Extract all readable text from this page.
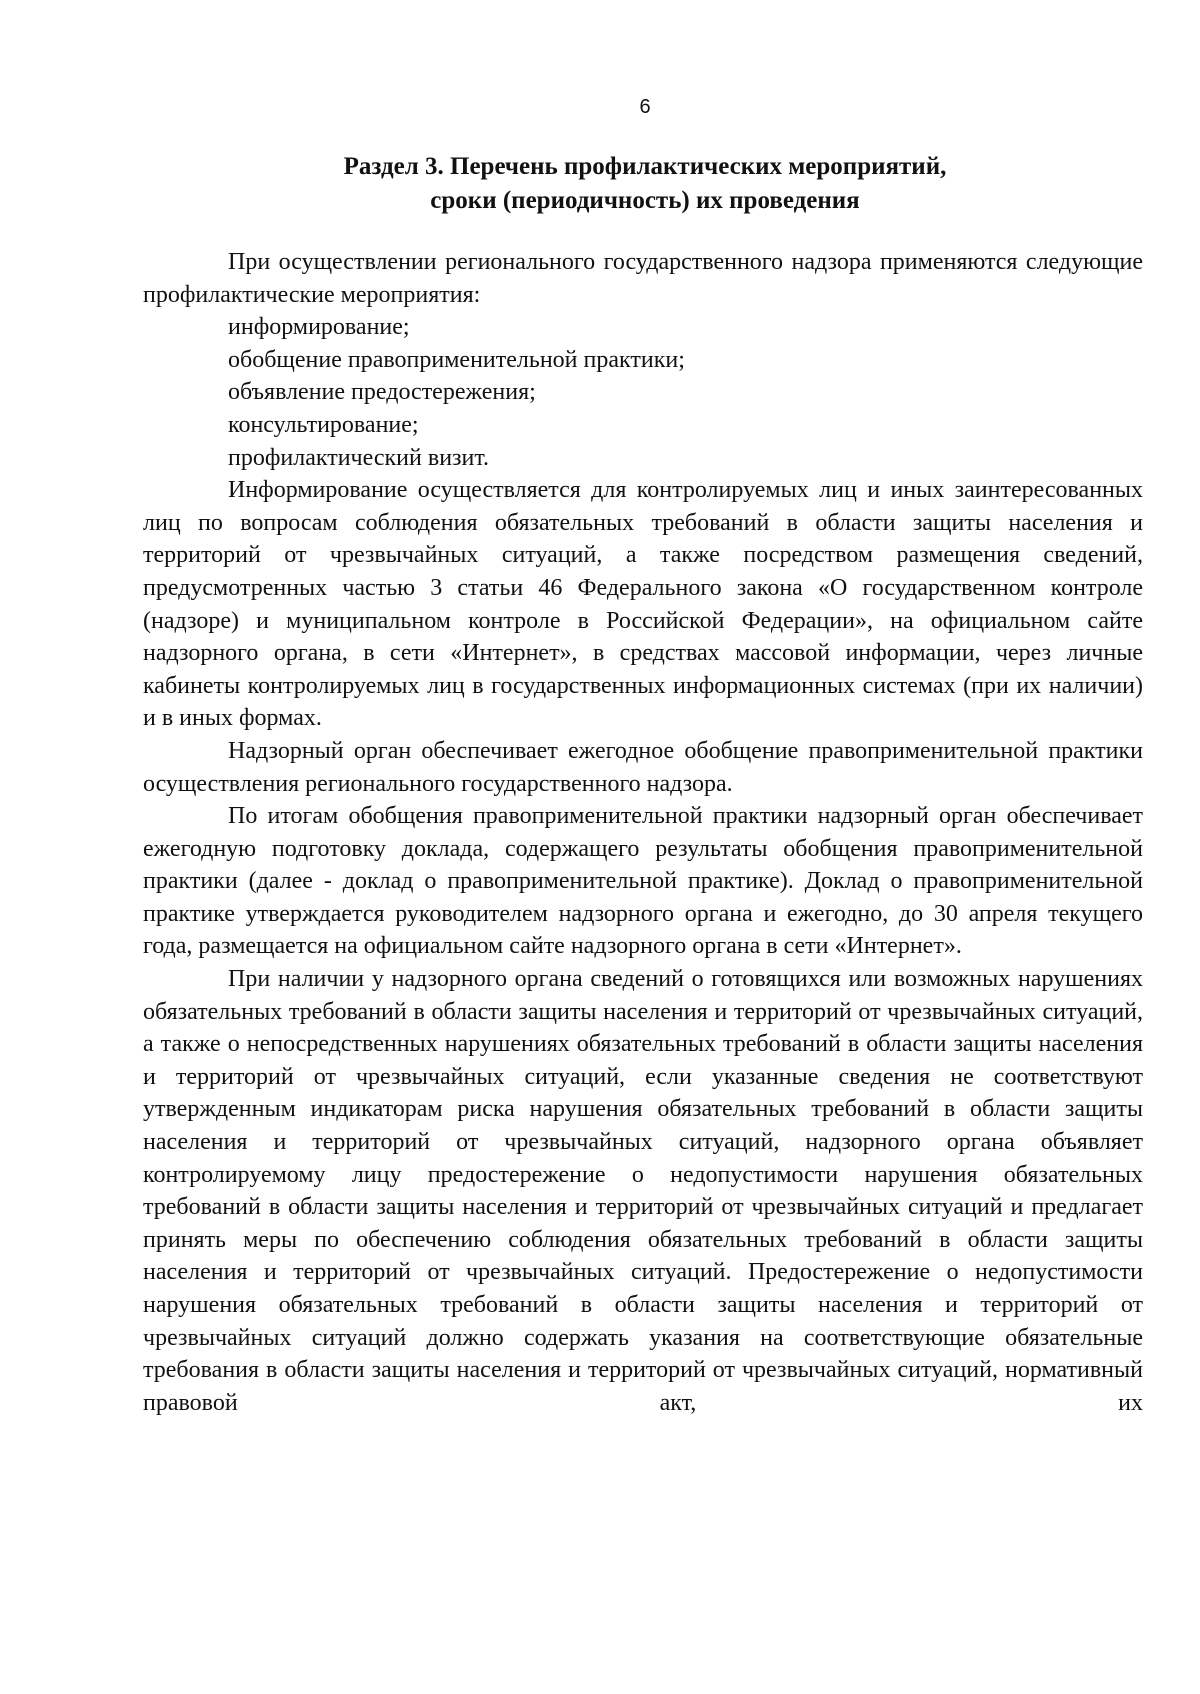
6
Раздел 3. Перечень профилактических мероприятий,
сроки (периодичность) их проведения

При осуществлении регионального государственного надзора применяются следующие профилактические мероприятия:

информирование;

обобщение правоприменительной практики;

объявление предостережения;

консультирование;

профилактический визит.

Информирование осуществляется для контролируемых лиц и иных заинтересованных лиц по вопросам соблюдения обязательных требований в области защиты населения и территорий от чрезвычайных ситуаций, а также посредством размещения сведений, предусмотренных частью 3 статьи 46 Федерального закона «О государственном контроле (надзоре) и муниципальном контроле в Российской Федерации», на официальном сайте надзорного органа, в сети «Интернет», в средствах массовой информации, через личные кабинеты контролируемых лиц в государственных информационных системах (при их наличии) и в иных формах.

Надзорный орган обеспечивает ежегодное обобщение правоприменительной практики осуществления регионального государственного надзора.

По итогам обобщения правоприменительной практики надзорный орган обеспечивает ежегодную подготовку доклада, содержащего результаты обобщения правоприменительной практики (далее - доклад о правоприменительной практике). Доклад о правоприменительной практике утверждается руководителем надзорного органа и ежегодно, до 30 апреля текущего года, размещается на официальном сайте надзорного органа в сети «Интернет».

При наличии у надзорного органа сведений о готовящихся или возможных нарушениях обязательных требований в области защиты населения и территорий от чрезвычайных ситуаций, а также о непосредственных нарушениях обязательных требований в области защиты населения и территорий от чрезвычайных ситуаций, если указанные сведения не соответствуют утвержденным индикаторам риска нарушения обязательных требований в области защиты населения и территорий от чрезвычайных ситуаций, надзорного органа объявляет контролируемому лицу предостережение о недопустимости нарушения обязательных требований в области защиты населения и территорий от чрезвычайных ситуаций и предлагает принять меры по обеспечению соблюдения обязательных требований в области защиты населения и территорий от чрезвычайных ситуаций. Предостережение о недопустимости нарушения обязательных требований в области защиты населения и территорий от чрезвычайных ситуаций должно содержать указания на соответствующие обязательные требования в области защиты населения и территорий от чрезвычайных ситуаций, нормативный правовой акт, их
